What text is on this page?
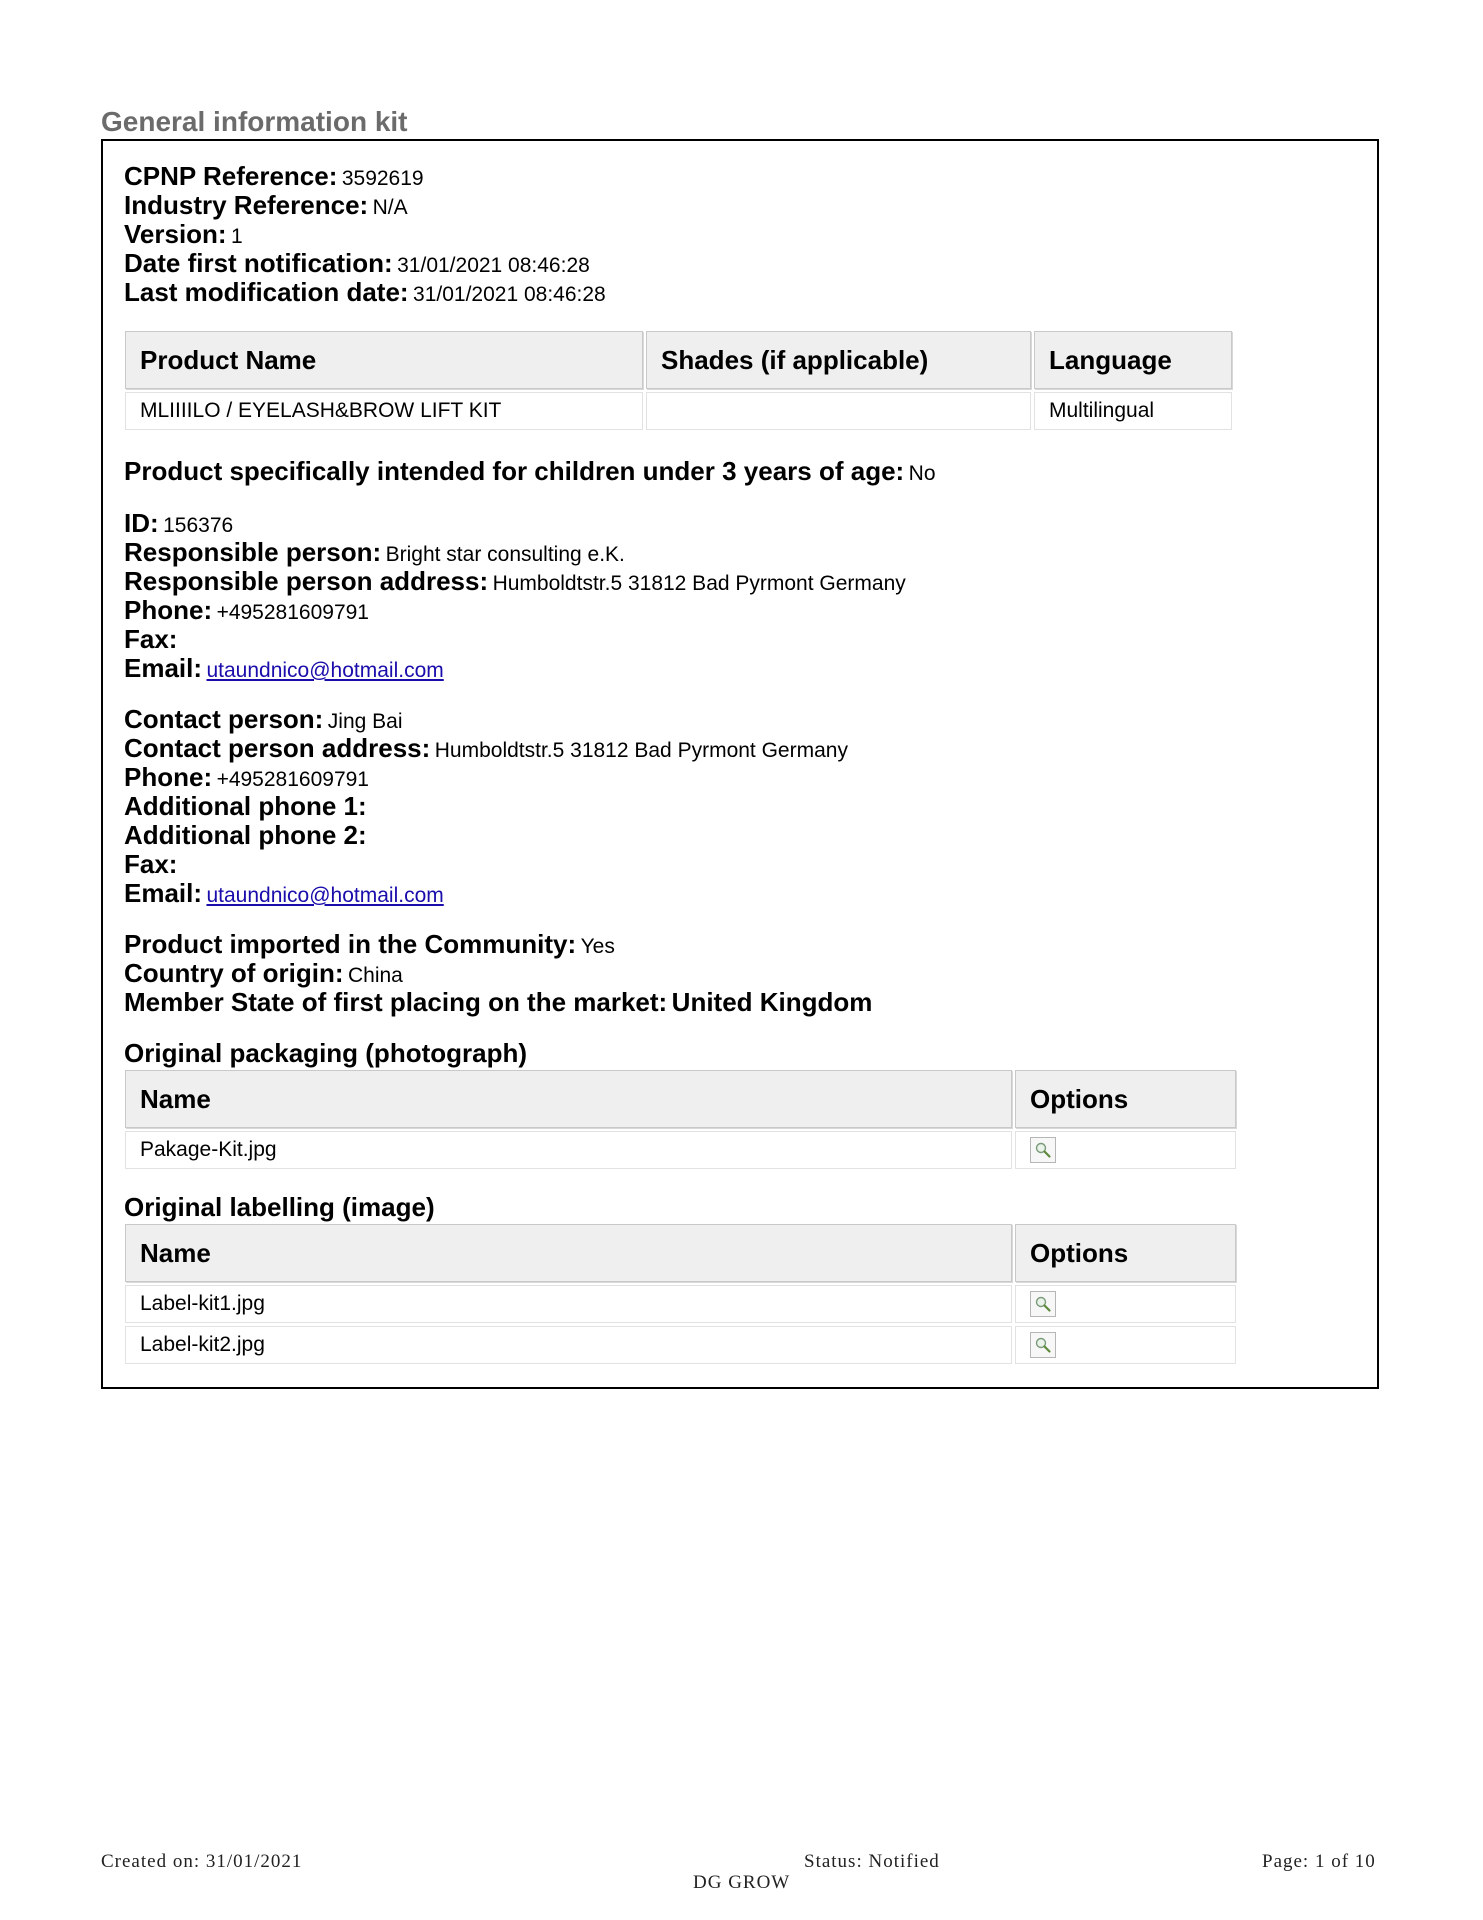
General information kit
CPNP Reference: 3592619
Industry Reference: N/A
Version: 1
Date first notification: 31/01/2021 08:46:28
Last modification date: 31/01/2021 08:46:28
Product Name	Shades (if applicable)	Language
MLIIIILO / EYELASH&BROW LIFT KIT		Multilingual
Product specifically intended for children under 3 years of age: No
ID: 156376
Responsible person: Bright star consulting e.K.
Responsible person address: Humboldtstr.5 31812 Bad Pyrmont Germany
Phone: +495281609791
Fax:
Email: utaundnico@hotmail.com
Contact person: Jing Bai
Contact person address: Humboldtstr.5 31812 Bad Pyrmont Germany
Phone: +495281609791
Additional phone 1:
Additional phone 2:
Fax:
Email: utaundnico@hotmail.com
Product imported in the Community: Yes
Country of origin: China
Member State of first placing on the market: United Kingdom
Original packaging (photograph)
Name	Options
Pakage-Kit.jpg	
Original labelling (image)
Name	Options
Label-kit1.jpg	

Label-kit2.jpg	
Created on: 31/01/2021	Status: Notified	Page: 1 of 10
DG GROW
